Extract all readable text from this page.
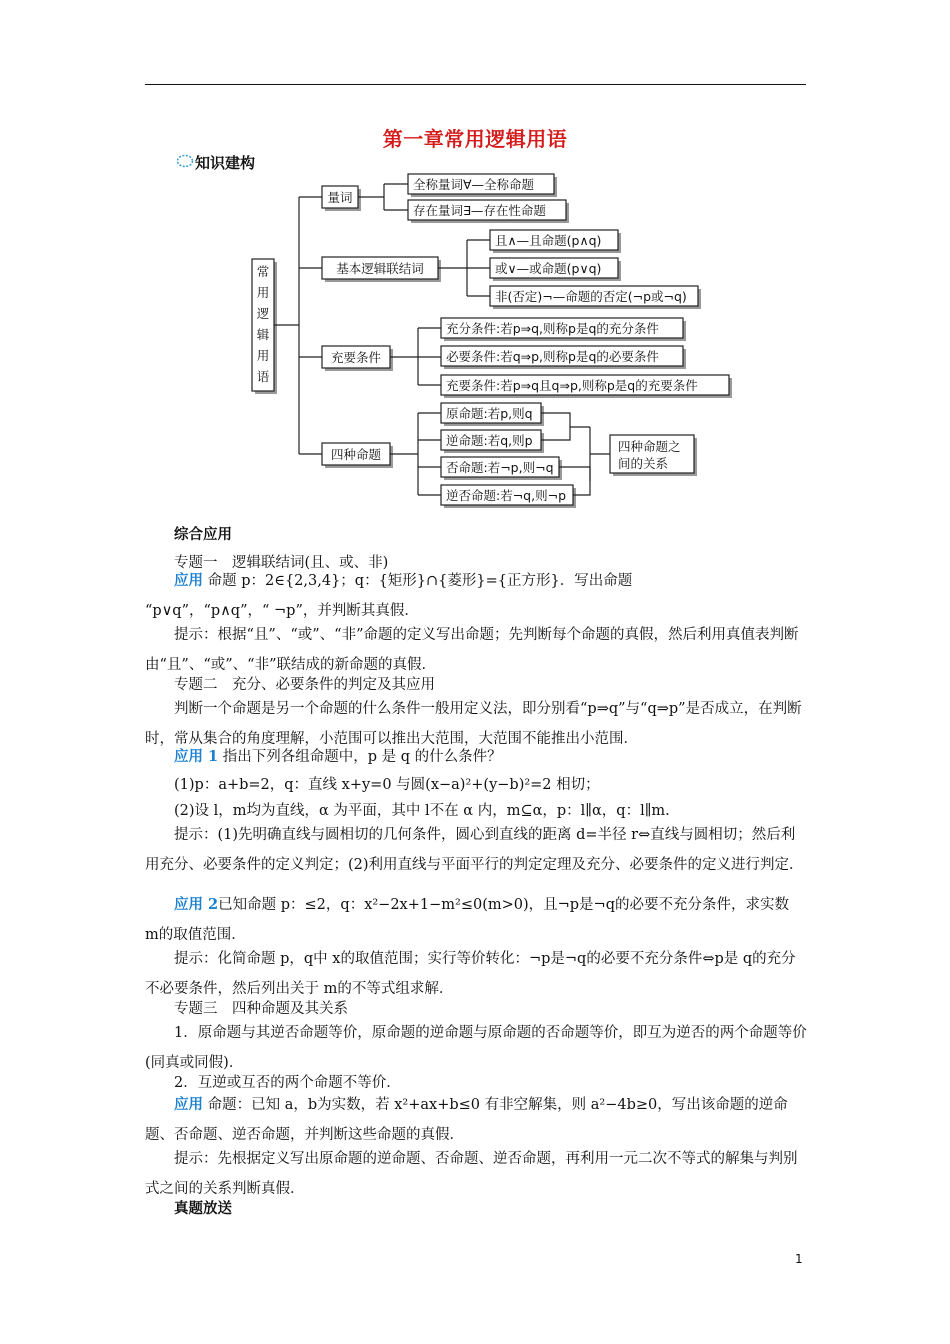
第一章常用逻辑用语
知识建构
常
用
逻
辑
用
语
量词
全称量词∀—全称命题
存在量词∃—存在性命题
基本逻辑联结词
且∧—且命题(p∧q)
或∨—或命题(p∨q)
非(否定)¬—命题的否定(¬p或¬q)
充要条件
充分条件:若p⇒q,则称p是q的充分条件
必要条件:若q⇒p,则称p是q的必要条件
充要条件:若p⇒q且q⇒p,则称p是q的充要条件
四种命题
原命题:若p,则q
逆命题:若q,则p
否命题:若¬p,则¬q
逆否命题:若¬q,则¬p
四种命题之
间的关系
综合应用

专题一　逻辑联结词(且、或、非)

应用 命题 p：2∈{2,3,4}；q：{矩形}∩{菱形}={正方形}．写出命题

“p∨q”，“p∧q”，“ ¬p”，并判断其真假．

提示：根据“且”、“或”、“非”命题的定义写出命题；先判断每个命题的真假，然后利用真值表判断由“且”、“或”、“非”联结成的新命题的真假．

专题二　充分、必要条件的判定及其应用

判断一个命题是另一个命题的什么条件一般用定义法，即分别看“p⇒q”与“q⇒p”是否成立，在判断时，常从集合的角度理解，小范围可以推出大范围，大范围不能推出小范围．

应用 1 指出下列各组命题中，p 是 q 的什么条件？

(1)p：a+b=2，q：直线 x+y=0 与圆(x−a)²+(y−b)²=2 相切；

(2)设 l，m均为直线，α 为平面，其中 l不在 α 内，m⊆α，p：l∥α，q：l∥m.

提示：(1)先明确直线与圆相切的几何条件，圆心到直线的距离 d=半径 r⇔直线与圆相切；然后利用充分、必要条件的定义判定；(2)利用直线与平面平行的判定定理及充分、必要条件的定义进行判定．

应用 2已知命题 p：≤2，q：x²−2x+1−m²≤0(m>0)，且¬p是¬q的必要不充分条件，求实数 m的取值范围．

提示：化简命题 p，q中 x的取值范围；实行等价转化：¬p是¬q的必要不充分条件⇔p是 q的充分不必要条件，然后列出关于 m的不等式组求解．

专题三　四种命题及其关系

1．原命题与其逆否命题等价，原命题的逆命题与原命题的否命题等价，即互为逆否的两个命题等价(同真或同假)．

2．互逆或互否的两个命题不等价．

应用 命题：已知 a，b为实数，若 x²+ax+b≤0 有非空解集，则 a²−4b≥0，写出该命题的逆命题、否命题、逆否命题，并判断这些命题的真假．

提示：先根据定义写出原命题的逆命题、否命题、逆否命题，再利用一元二次不等式的解集与判别式之间的关系判断真假．

真题放送
1
